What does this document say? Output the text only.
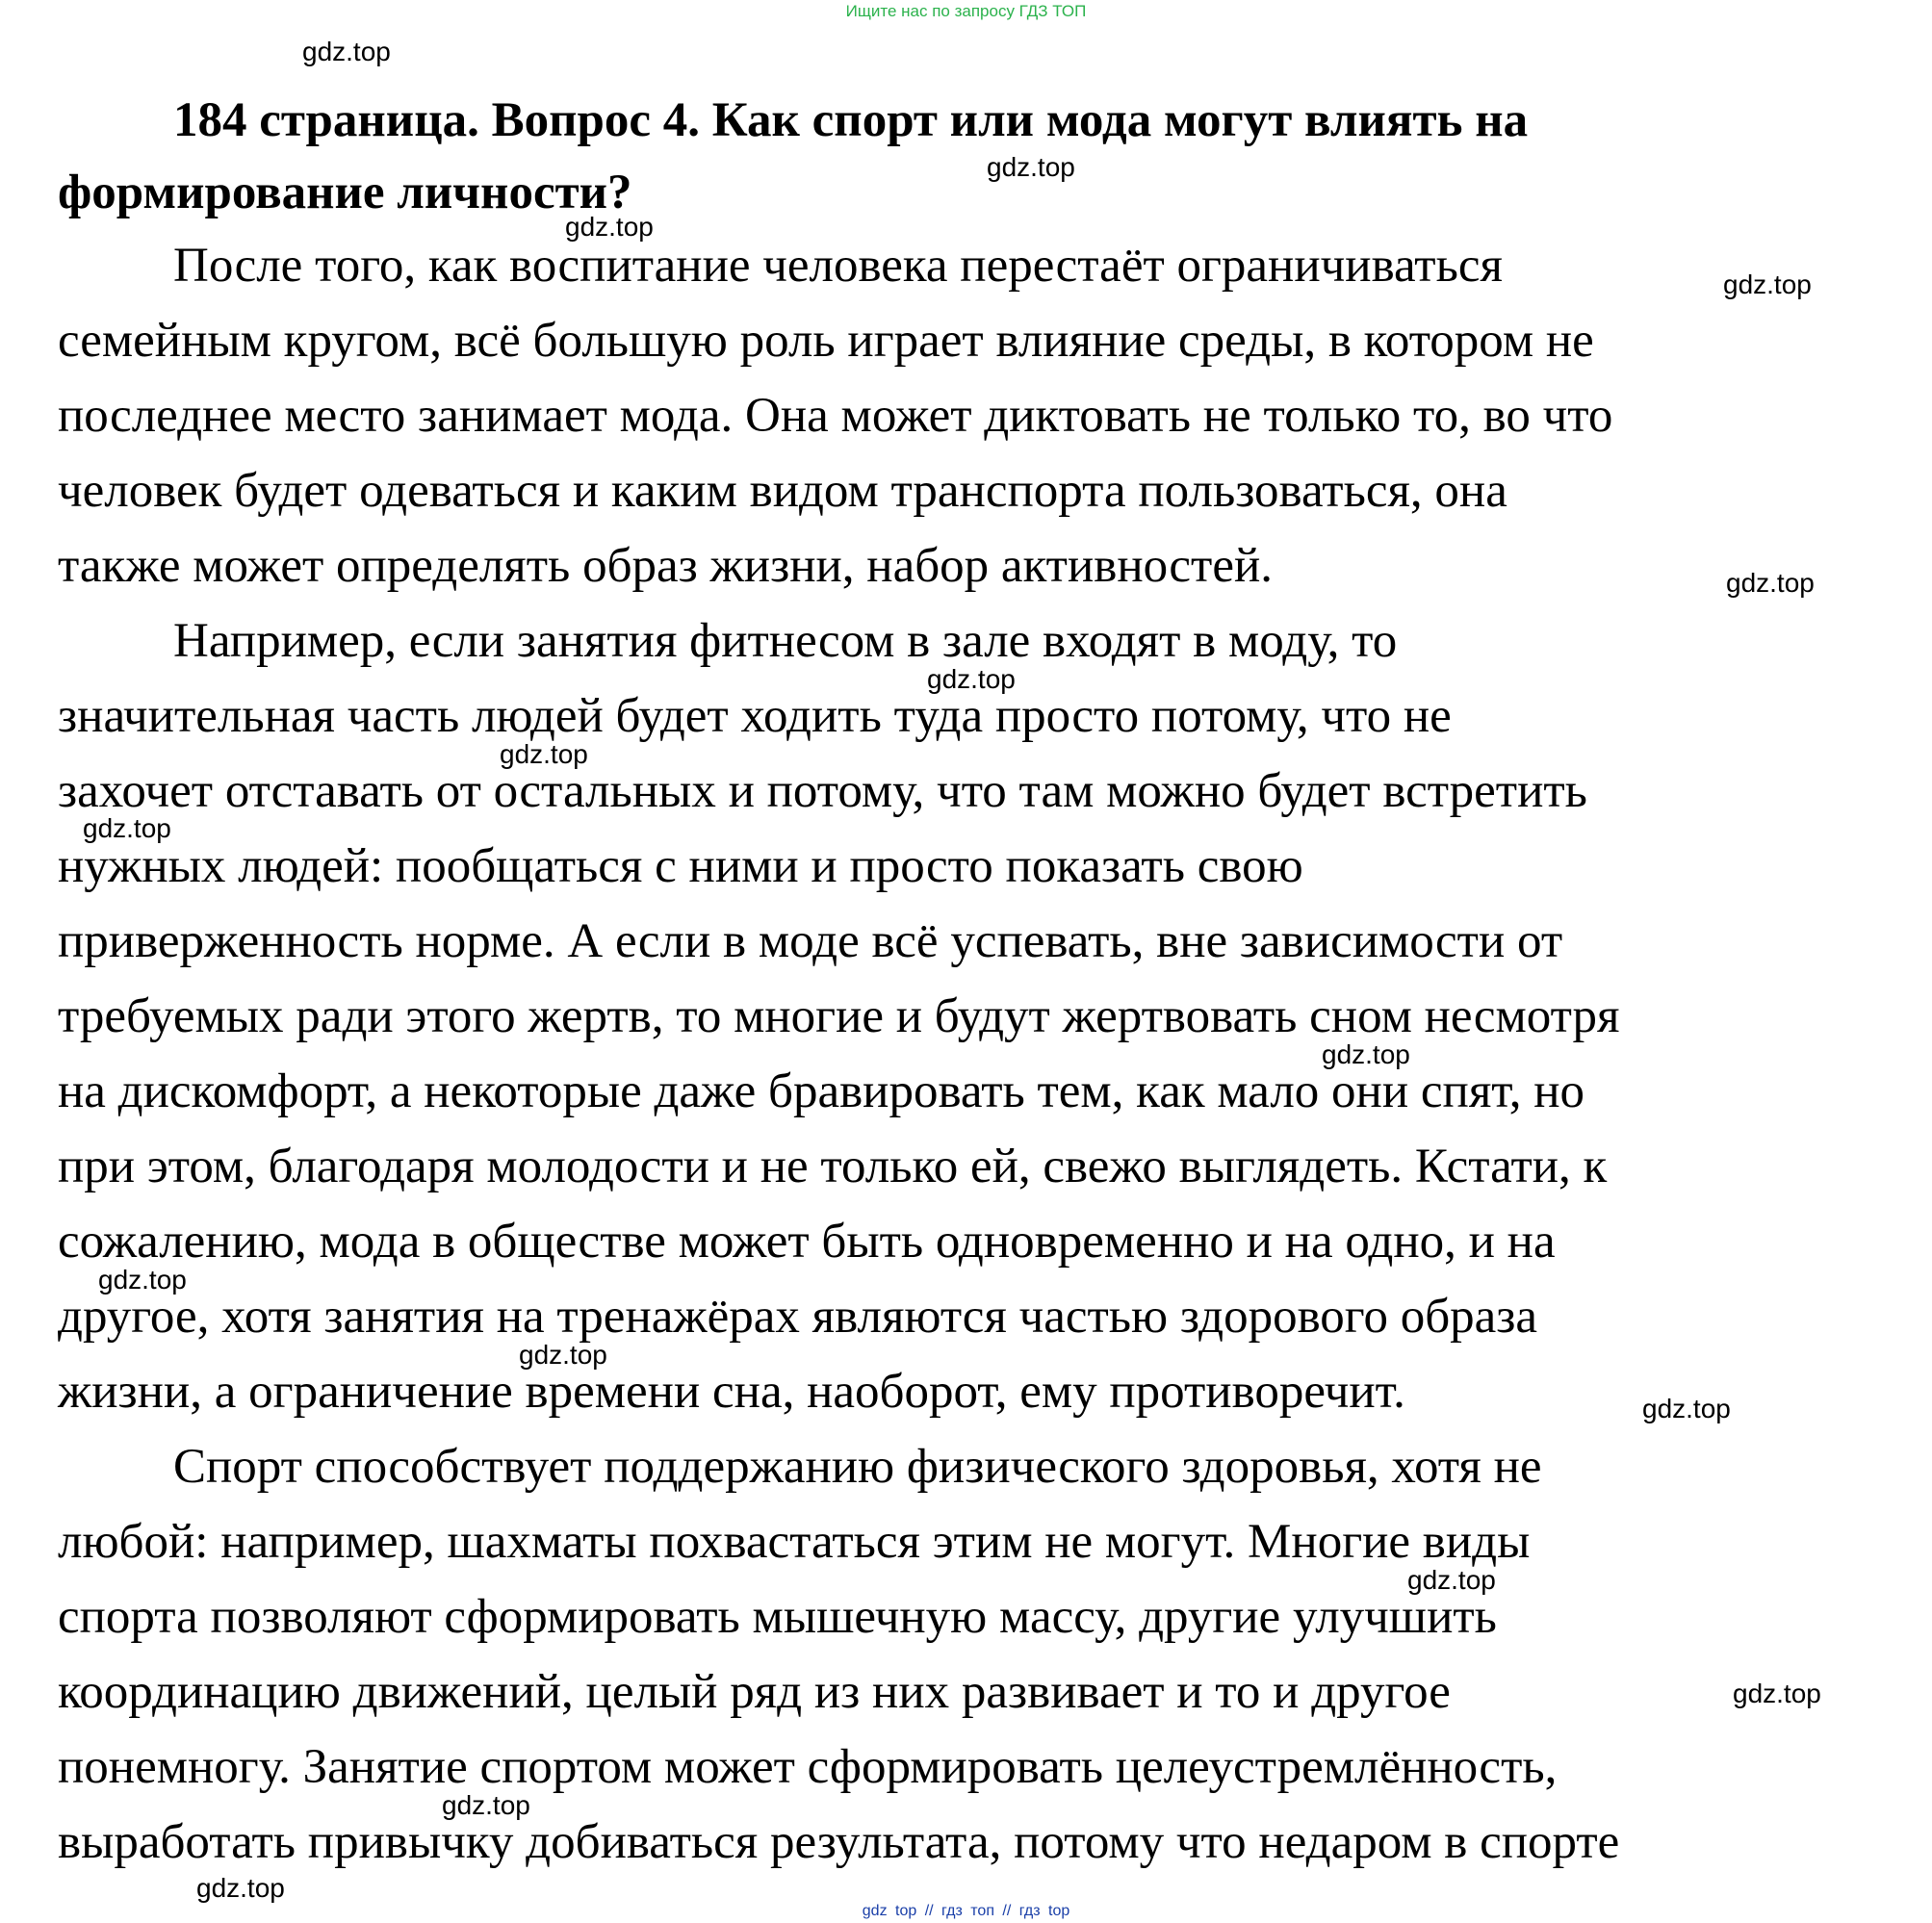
Ищите нас по запросу ГДЗ ТОП
184 страница. Вопрос 4. Как спорт или мода могут влиять на
формирование личности?
После того, как воспитание человека перестаёт ограничиваться
семейным кругом, всё большую роль играет влияние среды, в котором не
последнее место занимает мода. Она может диктовать не только то, во что
человек будет одеваться и каким видом транспорта пользоваться, она
также может определять образ жизни, набор активностей.
Например, если занятия фитнесом в зале входят в моду, то
значительная часть людей будет ходить туда просто потому, что не
захочет отставать от остальных и потому, что там можно будет встретить
нужных людей: пообщаться с ними и просто показать свою
приверженность норме. А если в моде всё успевать, вне зависимости от
требуемых ради этого жертв, то многие и будут жертвовать сном несмотря
на дискомфорт, а некоторые даже бравировать тем, как мало они спят, но
при этом, благодаря молодости и не только ей, свежо выглядеть. Кстати, к
сожалению, мода в обществе может быть одновременно и на одно, и на
другое, хотя занятия на тренажёрах являются частью здорового образа
жизни, а ограничение времени сна, наоборот, ему противоречит.
Спорт способствует поддержанию физического здоровья, хотя не
любой: например, шахматы похвастаться этим не могут. Многие виды
спорта позволяют сформировать мышечную массу, другие улучшить
координацию движений, целый ряд из них развивает и то и другое
понемногу. Занятие спортом может сформировать целеустремлённость,
выработать привычку добиваться результата, потому что недаром в спорте
gdz.top
gdz.top
gdz.top
gdz.top
gdz.top
gdz.top
gdz.top
gdz.top
gdz.top
gdz.top
gdz.top
gdz.top
gdz.top
gdz.top
gdz.top
gdz.top
gdz top // гдз топ // гдз top
